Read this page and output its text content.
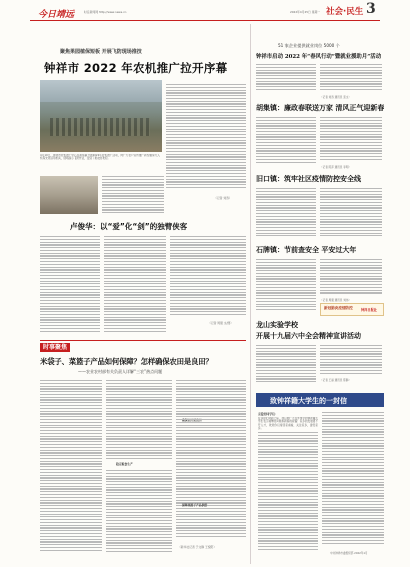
今日靖远	时任新闻网 http://www.news.cn	2022年4月25日 星期一 社会·民生 3
聚焦果园植保短板 开展飞防现场推技
钟祥市 2022 年农机推广拉开序幕
4月19日，钟祥市农机推广中心在胡集镇开展2022年农机推广活动，向广大农户宣传推广新型植保无人机等先进适用机具，现场演示飞防作业，受到了果农的欢迎。
（记者 刘涛）
卢俊华：以“爱”化“剑”的独臂侠客
（记者 周强 文/图）
时事聚焦
米袋子、菜篮子产品如何保障？怎样确保农田是良田？
——农业农村部有关负责人详解“三农”热点问题
稳定粮食生产
保障菜篮子产品供给
（新华社记者 于文静 王悦阳）
51 家企业提供就业岗位 5000 个
钟祥市启动 2022 年“春风行动”暨就业援助月”活动
（记者 刘涛 通讯员 张文）
胡集镇：廉政春联送万家 清风正气迎新春
（记者 陈萍 通讯员 李明）
旧口镇：筑牢社区疫情防控安全线
石牌镇：节前查安全 平安过大年
（记者 周强 通讯员 刘伟）
新冠肺炎疫情防控	钟祥日报社
龙山实验学校
开展十九届六中全会精神宣讲活动
（记者 王丽 通讯员 陈静）
致钟祥籍大学生的一封信
亲爱的同学们：
在这辞旧迎新之际，我们向广大在外求学的钟祥籍大学生表示诚挚的问候和新春的祝福！家乡的发展离不开人才，欢迎你们常回家看看，关注家乡，建设家乡。
中共钟祥市委组织部 2022年1月
